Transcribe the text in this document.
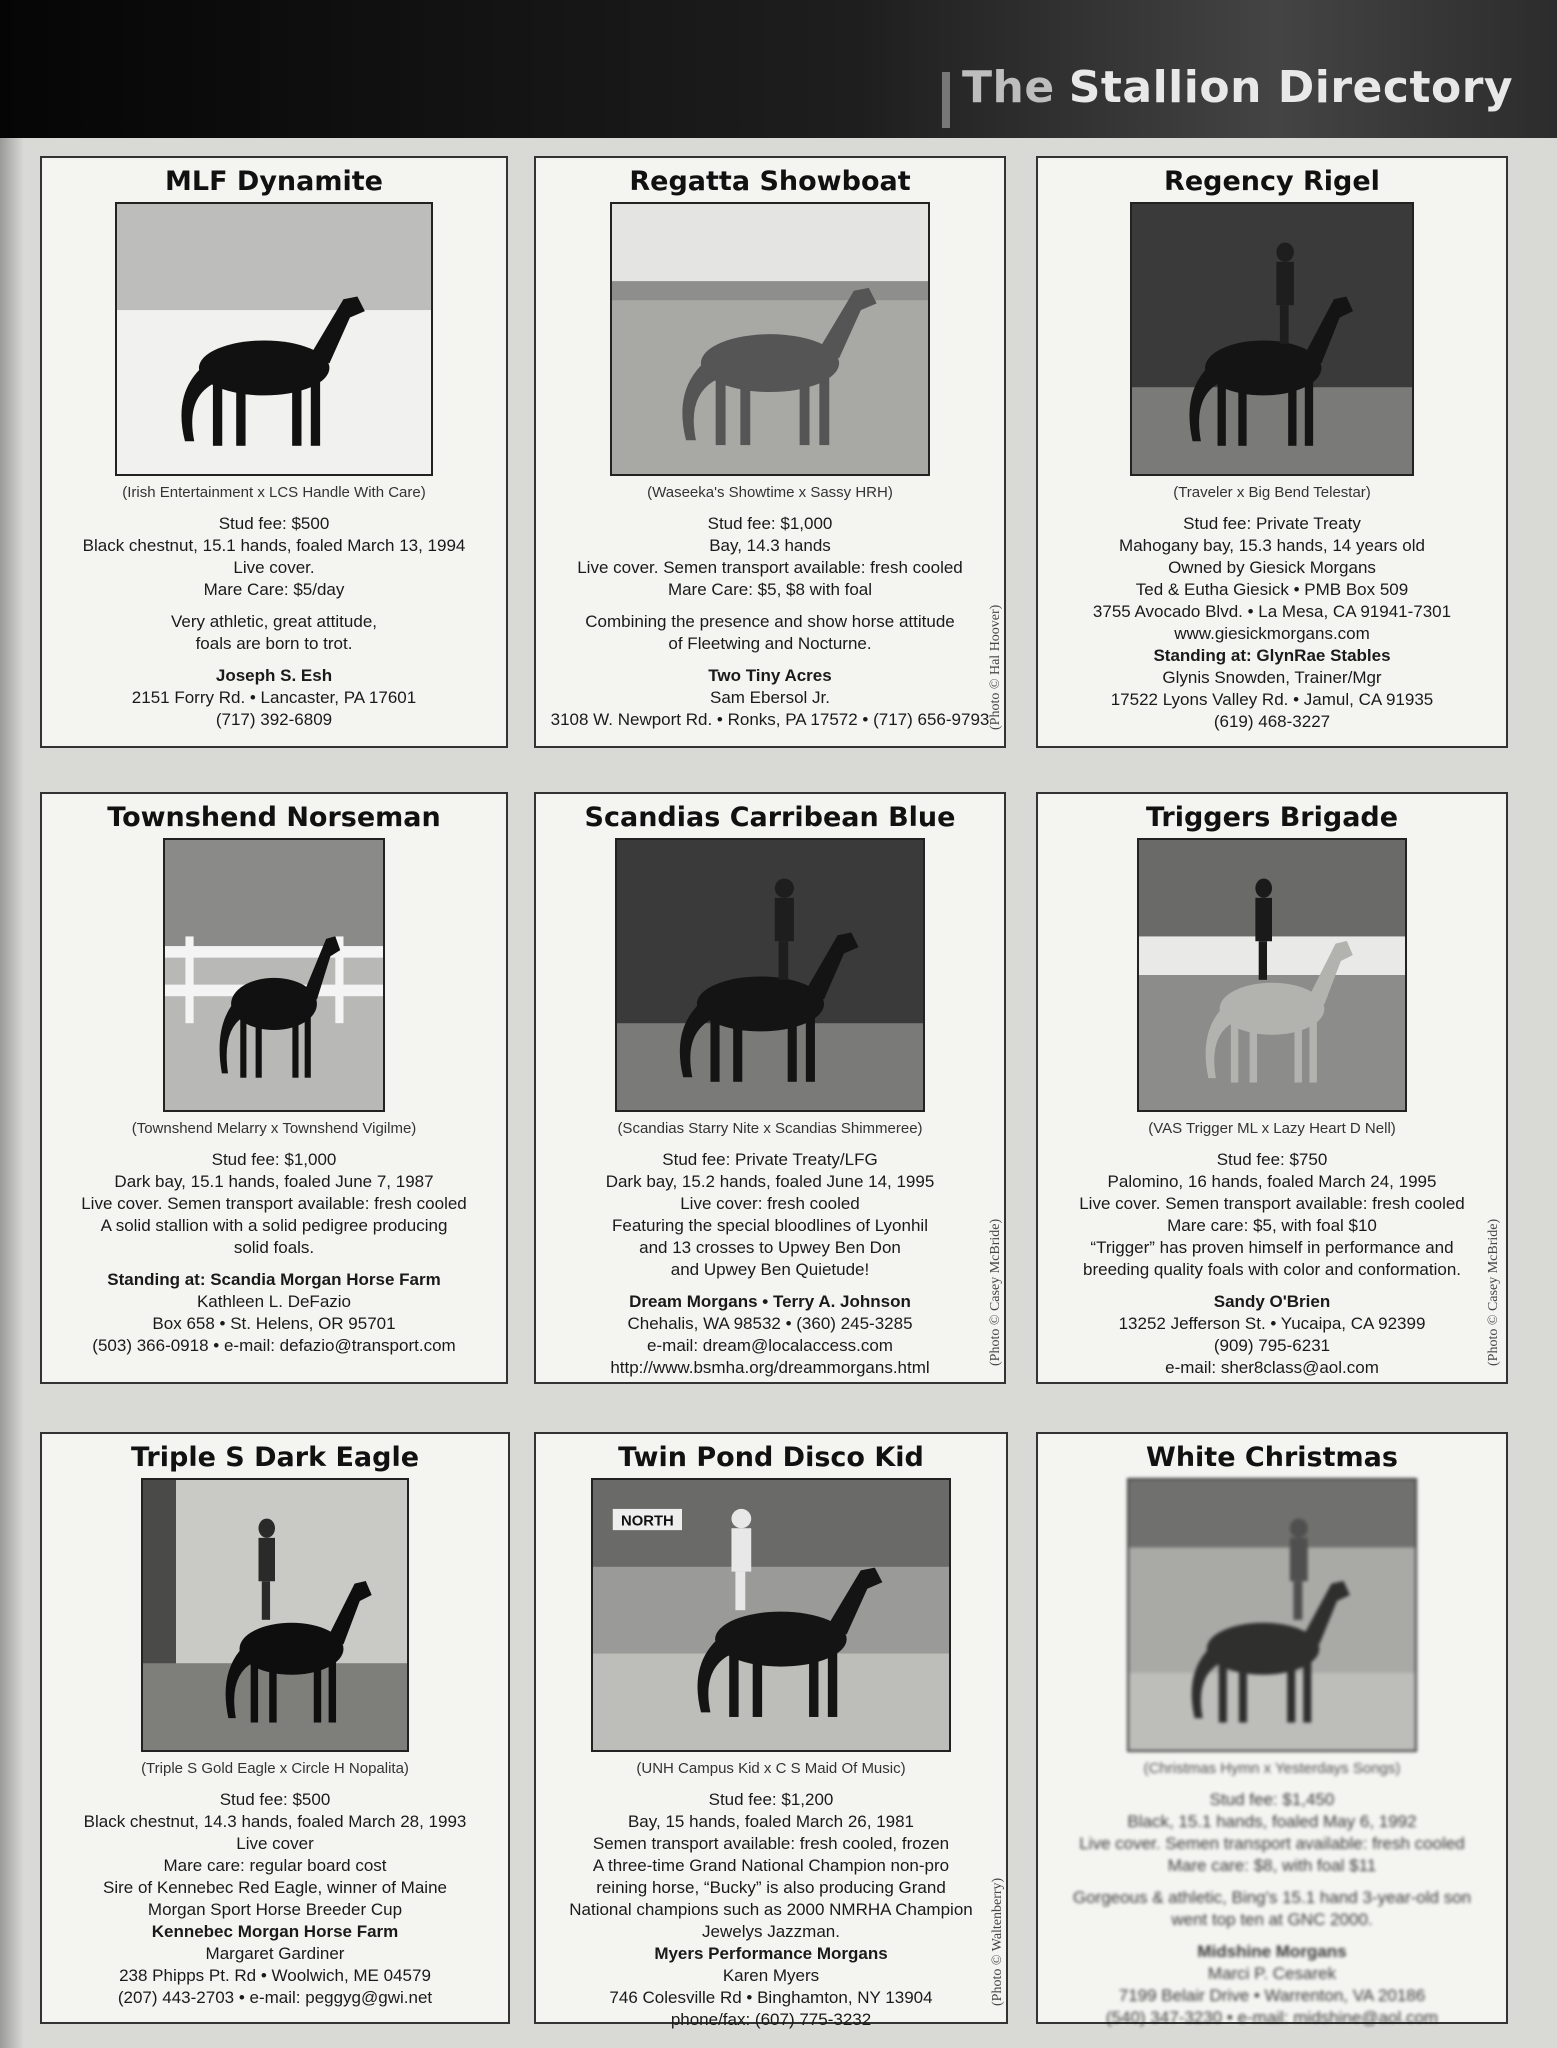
The Stallion Directory
MLF Dynamite
(Irish Entertainment x LCS Handle With Care)
Stud fee: $500
Black chestnut, 15.1 hands, foaled March 13, 1994
Live cover.
Mare Care: $5/day
Very athletic, great attitude,
foals are born to trot.
Joseph S. Esh
2151 Forry Rd. • Lancaster, PA 17601
(717) 392-6809
Regatta Showboat
(Waseeka's Showtime x Sassy HRH)
Stud fee: $1,000
Bay, 14.3 hands
Live cover. Semen transport available: fresh cooled
Mare Care: $5, $8 with foal
Combining the presence and show horse attitude
of Fleetwing and Nocturne.
Two Tiny Acres
Sam Ebersol Jr.
3108 W. Newport Rd. • Ronks, PA 17572 • (717) 656-9793
(Photo © Hal Hoover)
Regency Rigel
(Traveler x Big Bend Telestar)
Stud fee: Private Treaty
Mahogany bay, 15.3 hands, 14 years old
Owned by Giesick Morgans
Ted & Eutha Giesick • PMB Box 509
3755 Avocado Blvd. • La Mesa, CA 91941-7301
www.giesickmorgans.com
Standing at: GlynRae Stables
Glynis Snowden, Trainer/Mgr
17522 Lyons Valley Rd. • Jamul, CA 91935
(619) 468-3227
Townshend Norseman
(Townshend Melarry x Townshend Vigilme)
Stud fee: $1,000
Dark bay, 15.1 hands, foaled June 7, 1987
Live cover. Semen transport available: fresh cooled
A solid stallion with a solid pedigree producing
solid foals.
Standing at: Scandia Morgan Horse Farm
Kathleen L. DeFazio
Box 658 • St. Helens, OR 95701
(503) 366-0918 • e-mail: defazio@transport.com
Scandias Carribean Blue
(Scandias Starry Nite x Scandias Shimmeree)
Stud fee: Private Treaty/LFG
Dark bay, 15.2 hands, foaled June 14, 1995
Live cover: fresh cooled
Featuring the special bloodlines of Lyonhil
and 13 crosses to Upwey Ben Don
and Upwey Ben Quietude!
Dream Morgans • Terry A. Johnson
Chehalis, WA 98532 • (360) 245-3285
e-mail: dream@localaccess.com
http://www.bsmha.org/dreammorgans.html
(Photo © Casey McBride)
Triggers Brigade
(VAS Trigger ML x Lazy Heart D Nell)
Stud fee: $750
Palomino, 16 hands, foaled March 24, 1995
Live cover. Semen transport available: fresh cooled
Mare care: $5, with foal $10
“Trigger” has proven himself in performance and
breeding quality foals with color and conformation.
Sandy O'Brien
13252 Jefferson St. • Yucaipa, CA 92399
(909) 795-6231
e-mail: sher8class@aol.com
(Photo © Casey McBride)
Triple S Dark Eagle
(Triple S Gold Eagle x Circle H Nopalita)
Stud fee: $500
Black chestnut, 14.3 hands, foaled March 28, 1993
Live cover
Mare care: regular board cost
Sire of Kennebec Red Eagle, winner of Maine
Morgan Sport Horse Breeder Cup
Kennebec Morgan Horse Farm
Margaret Gardiner
238 Phipps Pt. Rd • Woolwich, ME 04579
(207) 443-2703 • e-mail: peggyg@gwi.net
Twin Pond Disco Kid
NORTH
(UNH Campus Kid x C S Maid Of Music)
Stud fee: $1,200
Bay, 15 hands, foaled March 26, 1981
Semen transport available: fresh cooled, frozen
A three-time Grand National Champion non-pro
reining horse, “Bucky” is also producing Grand
National champions such as 2000 NMRHA Champion
Jewelys Jazzman.
Myers Performance Morgans
Karen Myers
746 Colesville Rd • Binghamton, NY 13904
phone/fax: (607) 775-3232
(Photo © Waltenberry)
White Christmas
(Christmas Hymn x Yesterdays Songs)
Stud fee: $1,450
Black, 15.1 hands, foaled May 6, 1992
Live cover. Semen transport available: fresh cooled
Mare care: $8, with foal $11
Gorgeous & athletic, Bing's 15.1 hand 3-year-old son
went top ten at GNC 2000.
Midshine Morgans
Marci P. Cesarek
7199 Belair Drive • Warrenton, VA 20186
(540) 347-3230 • e-mail: midshine@aol.com
